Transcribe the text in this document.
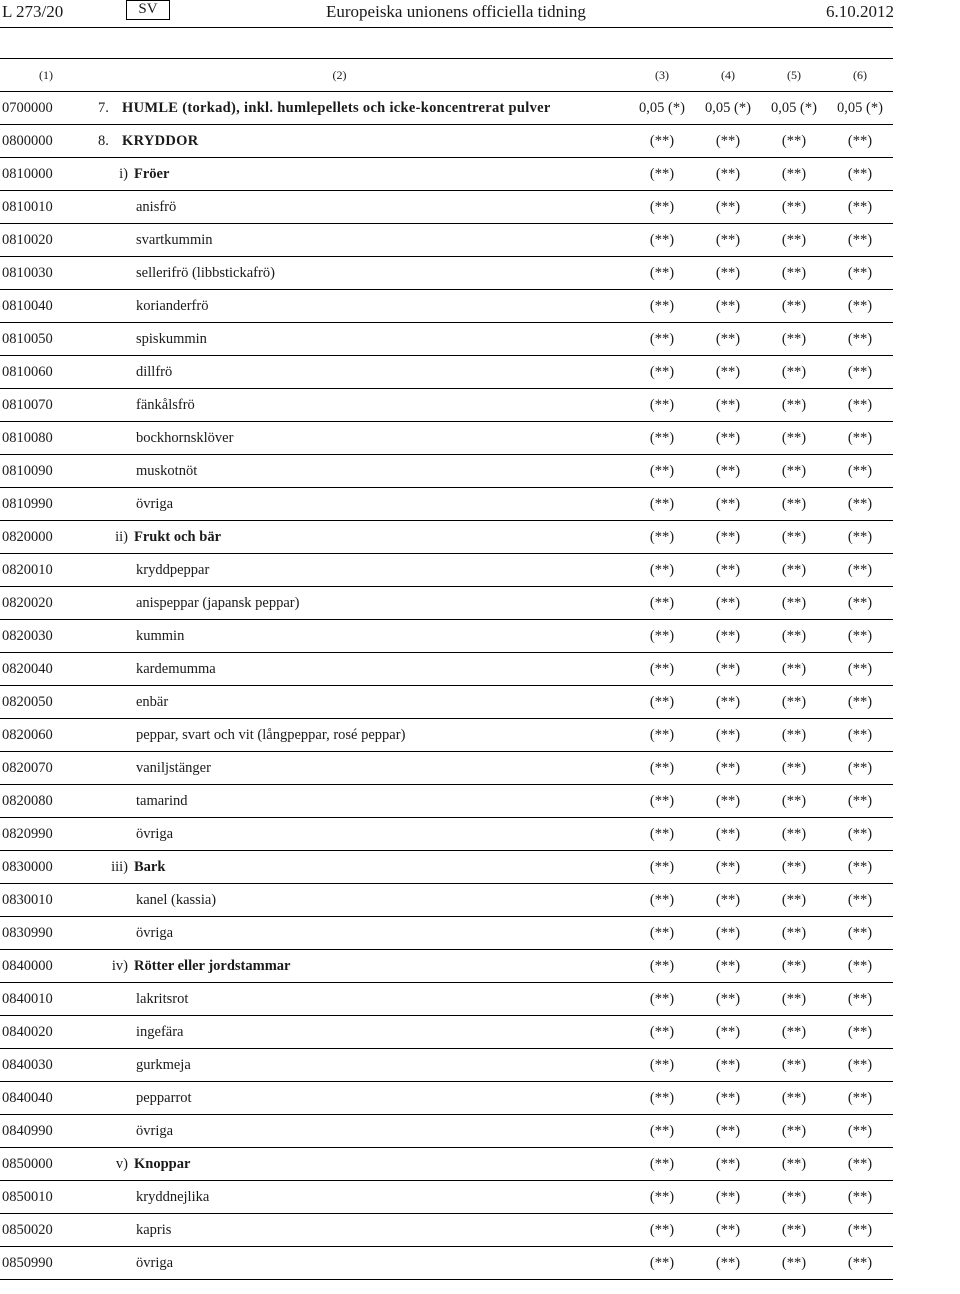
L 273/20	SV	Europeiska unionens officiella tidning	6.10.2012
(1)	(2)	(3)	(4)	(5)	(6)
0700000	7. HUMLE (torkad), inkl. humlepellets och icke-koncentrerat pulver	0,05 (*)	0,05 (*)	0,05 (*)	0,05 (*)
0800000	8. KRYDDOR	(**)	(**)	(**)	(**)
0810000	i) Fröer	(**)	(**)	(**)	(**)
0810010	anisfrö	(**)	(**)	(**)	(**)
0810020	svartkummin	(**)	(**)	(**)	(**)
0810030	sellerifrö (libbstickafrö)	(**)	(**)	(**)	(**)
0810040	korianderfrö	(**)	(**)	(**)	(**)
0810050	spiskummin	(**)	(**)	(**)	(**)
0810060	dillfrö	(**)	(**)	(**)	(**)
0810070	fänkålsfrö	(**)	(**)	(**)	(**)
0810080	bockhornsklöver	(**)	(**)	(**)	(**)
0810090	muskotnöt	(**)	(**)	(**)	(**)
0810990	övriga	(**)	(**)	(**)	(**)
0820000	ii) Frukt och bär	(**)	(**)	(**)	(**)
0820010	kryddpeppar	(**)	(**)	(**)	(**)
0820020	anispeppar (japansk peppar)	(**)	(**)	(**)	(**)
0820030	kummin	(**)	(**)	(**)	(**)
0820040	kardemumma	(**)	(**)	(**)	(**)
0820050	enbär	(**)	(**)	(**)	(**)
0820060	peppar, svart och vit (långpeppar, rosé peppar)	(**)	(**)	(**)	(**)
0820070	vaniljstänger	(**)	(**)	(**)	(**)
0820080	tamarind	(**)	(**)	(**)	(**)
0820990	övriga	(**)	(**)	(**)	(**)
0830000	iii) Bark	(**)	(**)	(**)	(**)
0830010	kanel (kassia)	(**)	(**)	(**)	(**)
0830990	övriga	(**)	(**)	(**)	(**)
0840000	iv) Rötter eller jordstammar	(**)	(**)	(**)	(**)
0840010	lakritsrot	(**)	(**)	(**)	(**)
0840020	ingefära	(**)	(**)	(**)	(**)
0840030	gurkmeja	(**)	(**)	(**)	(**)
0840040	pepparrot	(**)	(**)	(**)	(**)
0840990	övriga	(**)	(**)	(**)	(**)
0850000	v) Knoppar	(**)	(**)	(**)	(**)
0850010	kryddnejlika	(**)	(**)	(**)	(**)
0850020	kapris	(**)	(**)	(**)	(**)
0850990	övriga	(**)	(**)	(**)	(**)
